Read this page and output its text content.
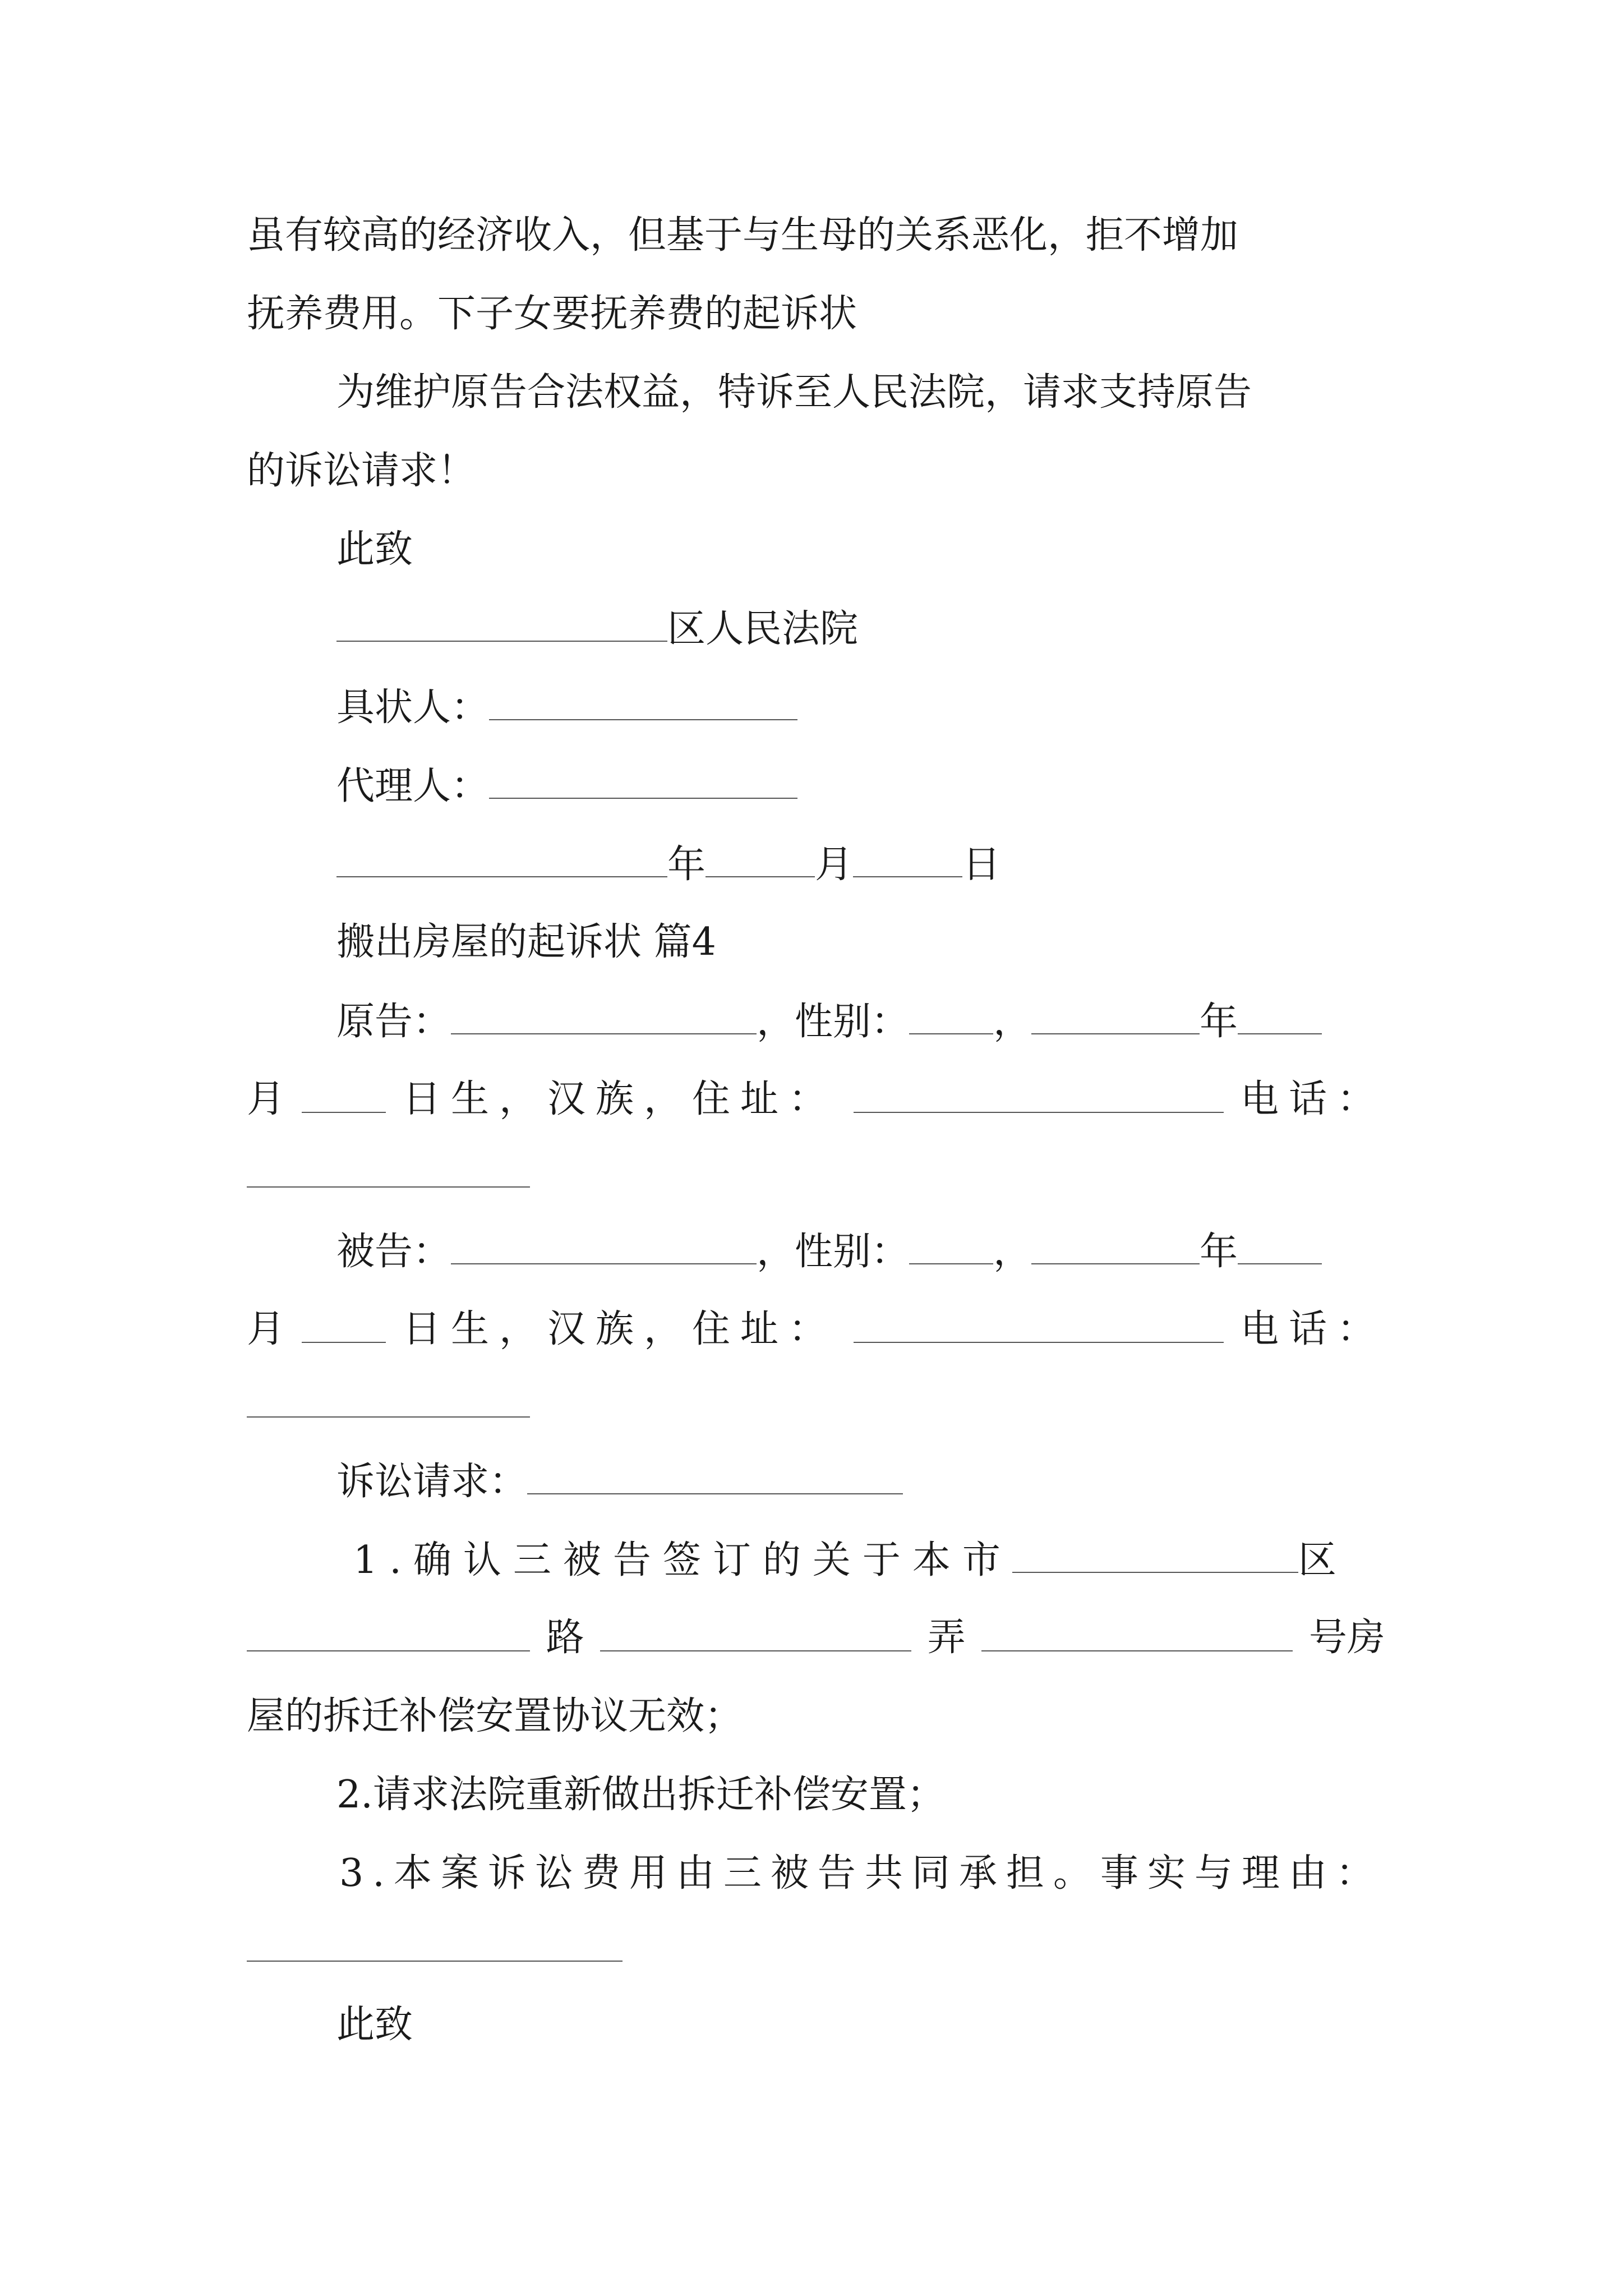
虽有较高的经济收入，但基于与生母的关系恶化，拒不增加
抚养费用。下子女要抚养费的起诉状
为维护原告合法权益，特诉至人民法院，请求支持原告
的诉讼请求！
此致
区人民法院
具状人：
代理人：
年	月	日
搬出房屋的起诉状 篇4
原告：	，性别： ，	年
月	日生，汉族，住址：	电话：
被告：	，性别： ，	年
月	日生，汉族，住址：	电话：
诉讼请求：
1.确认三被告签订的关于本市	区
路	弄	号房
屋的拆迁补偿安置协议无效；
2.请求法院重新做出拆迁补偿安置；
3.本案诉讼费用由三被告共同承担。事实与理由：
此致
